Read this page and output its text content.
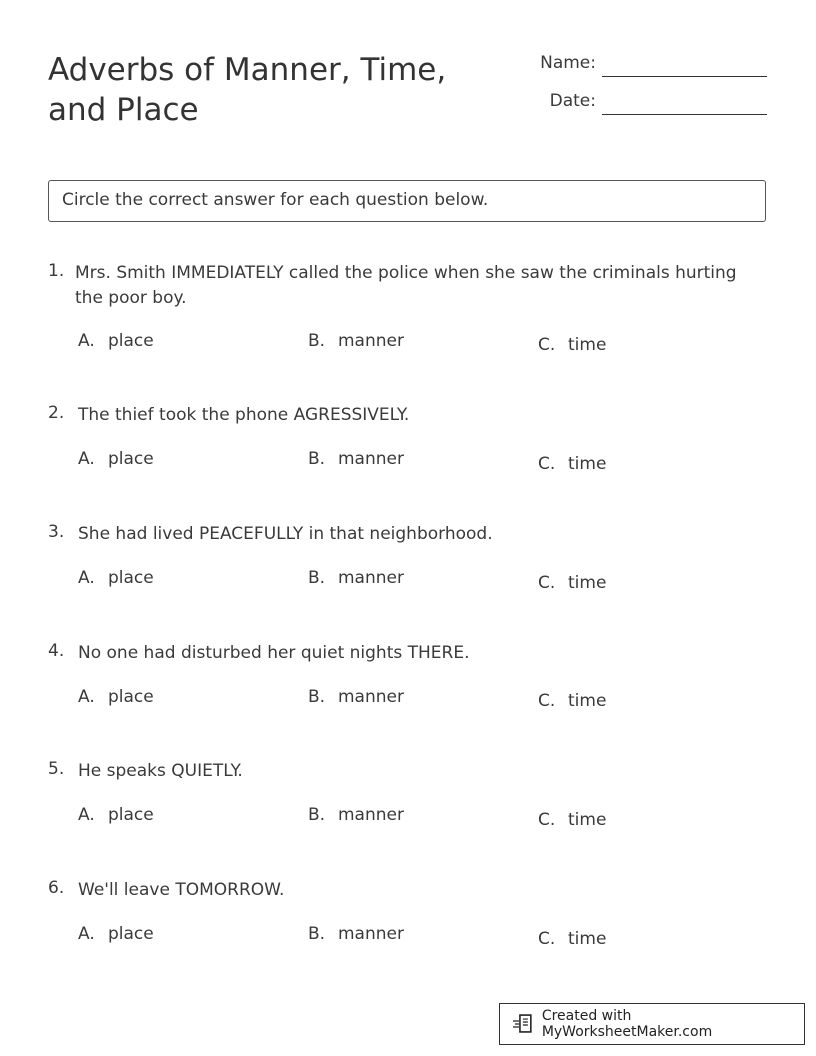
Adverbs of Manner, Time, and Place
Name:
Date:
Circle the correct answer for each question below.
1. Mrs. Smith IMMEDIATELY called the police when she saw the criminals hurting the poor boy.
A. place	B. manner	C. time
2. The thief took the phone AGRESSIVELY.
A. place	B. manner	C. time
3. She had lived PEACEFULLY in that neighborhood.
A. place	B. manner	C. time
4. No one had disturbed her quiet nights THERE.
A. place	B. manner	C. time
5. He speaks QUIETLY.
A. place	B. manner	C. time
6. We'll leave TOMORROW.
A. place	B. manner	C. time
Created with MyWorksheetMaker.com
